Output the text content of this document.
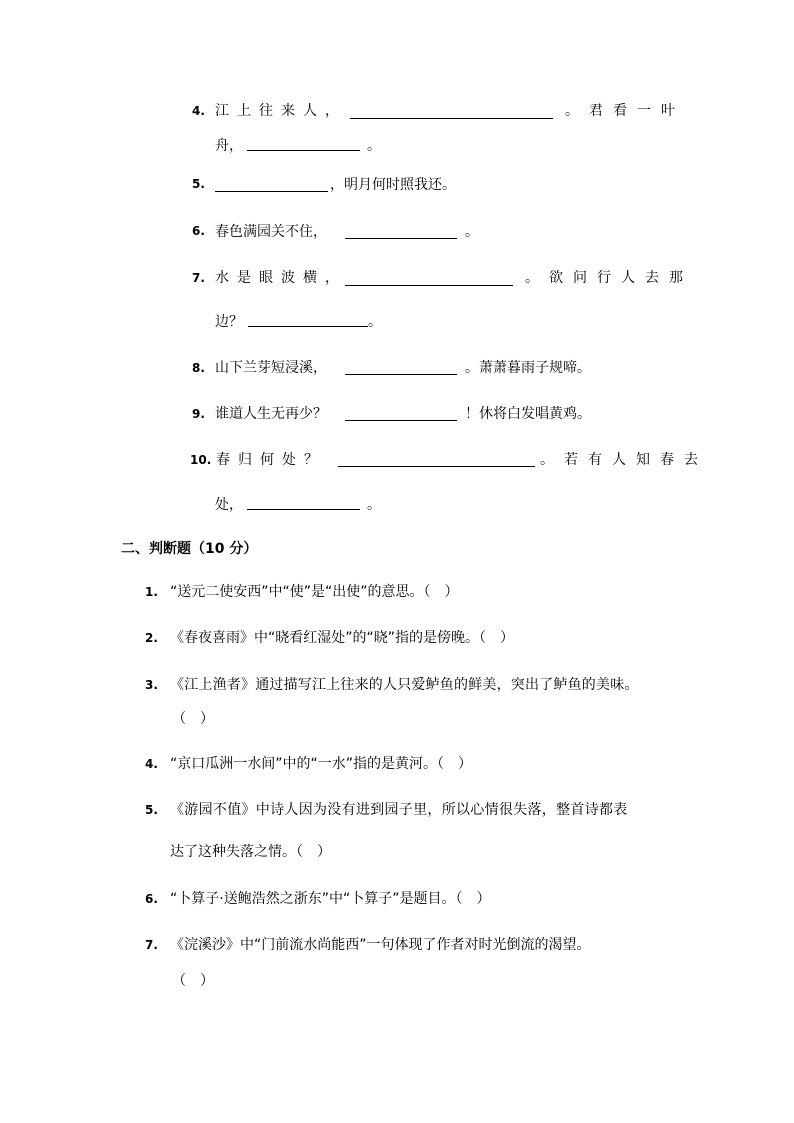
4. 江上往来人，	。君看一叶
舟，	。
5.	，明月何时照我还。
6. 春色满园关不住，	。
7. 水是眼波横，	。欲问行人去那
边？	。
8. 山下兰芽短浸溪，	。萧萧暮雨子规啼。
9. 谁道人生无再少？	！休将白发唱黄鸡。
10. 春归何处？	。若有人知春去
处，	。
二、判断题（10 分）
1. “送元二使安西”中“使”是“出使”的意思。（　）
2. 《春夜喜雨》中“晓看红湿处”的“晓”指的是傍晚。（　）
3. 《江上渔者》通过描写江上往来的人只爱鲈鱼的鲜美，突出了鲈鱼的美味。
（　）
4. “京口瓜洲一水间”中的“一水”指的是黄河。（　）
5. 《游园不值》中诗人因为没有进到园子里，所以心情很失落，整首诗都表
达了这种失落之情。（　）
6. “卜算子·送鲍浩然之浙东”中“卜算子”是题目。（　）
7. 《浣溪沙》中“门前流水尚能西”一句体现了作者对时光倒流的渴望。
（　）
